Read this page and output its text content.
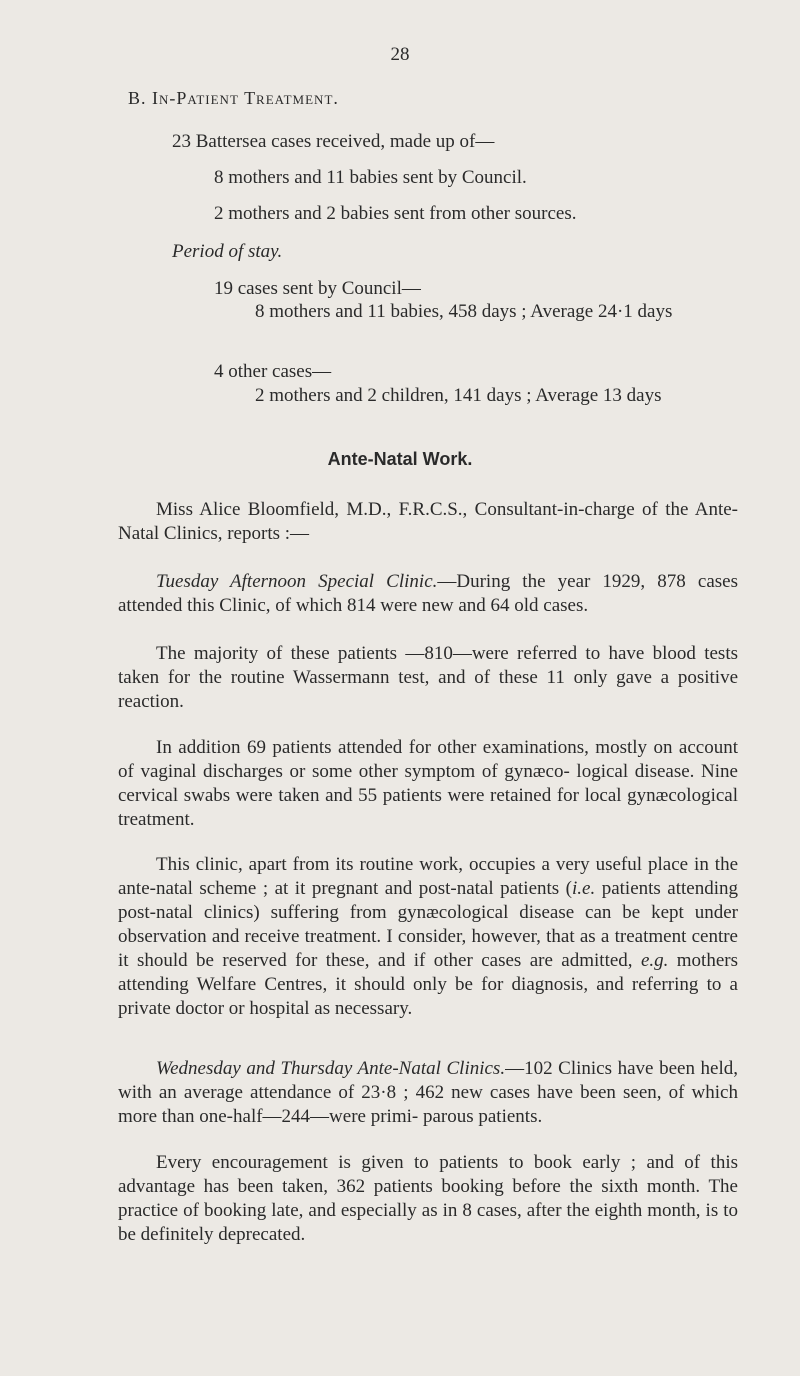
28
B. In-Patient Treatment.
23 Battersea cases received, made up of—
8 mothers and 11 babies sent by Council.
2 mothers and 2 babies sent from other sources.
Period of stay.
19 cases sent by Council—
8 mothers and 11 babies, 458 days ; Average 24·1 days
4 other cases—
2 mothers and 2 children, 141 days ; Average 13 days
Ante-Natal Work.
Miss Alice Bloomfield, M.D., F.R.C.S., Consultant-in-charge of the Ante-Natal Clinics, reports :—
Tuesday Afternoon Special Clinic.—During the year 1929, 878 cases attended this Clinic, of which 814 were new and 64 old cases.
The majority of these patients —810—were referred to have blood tests taken for the routine Wassermann test, and of these 11 only gave a positive reaction.
In addition 69 patients attended for other examinations, mostly on account of vaginal discharges or some other symptom of gynæco- logical disease. Nine cervical swabs were taken and 55 patients were retained for local gynæcological treatment.
This clinic, apart from its routine work, occupies a very useful place in the ante-natal scheme ; at it pregnant and post-natal patients (i.e. patients attending post-natal clinics) suffering from gynæcological disease can be kept under observation and receive treatment. I consider, however, that as a treatment centre it should be reserved for these, and if other cases are admitted, e.g. mothers attending Welfare Centres, it should only be for diagnosis, and referring to a private doctor or hospital as necessary.
Wednesday and Thursday Ante-Natal Clinics.—102 Clinics have been held, with an average attendance of 23·8 ; 462 new cases have been seen, of which more than one-half—244—were primi- parous patients.
Every encouragement is given to patients to book early ; and of this advantage has been taken, 362 patients booking before the sixth month. The practice of booking late, and especially as in 8 cases, after the eighth month, is to be definitely deprecated.
